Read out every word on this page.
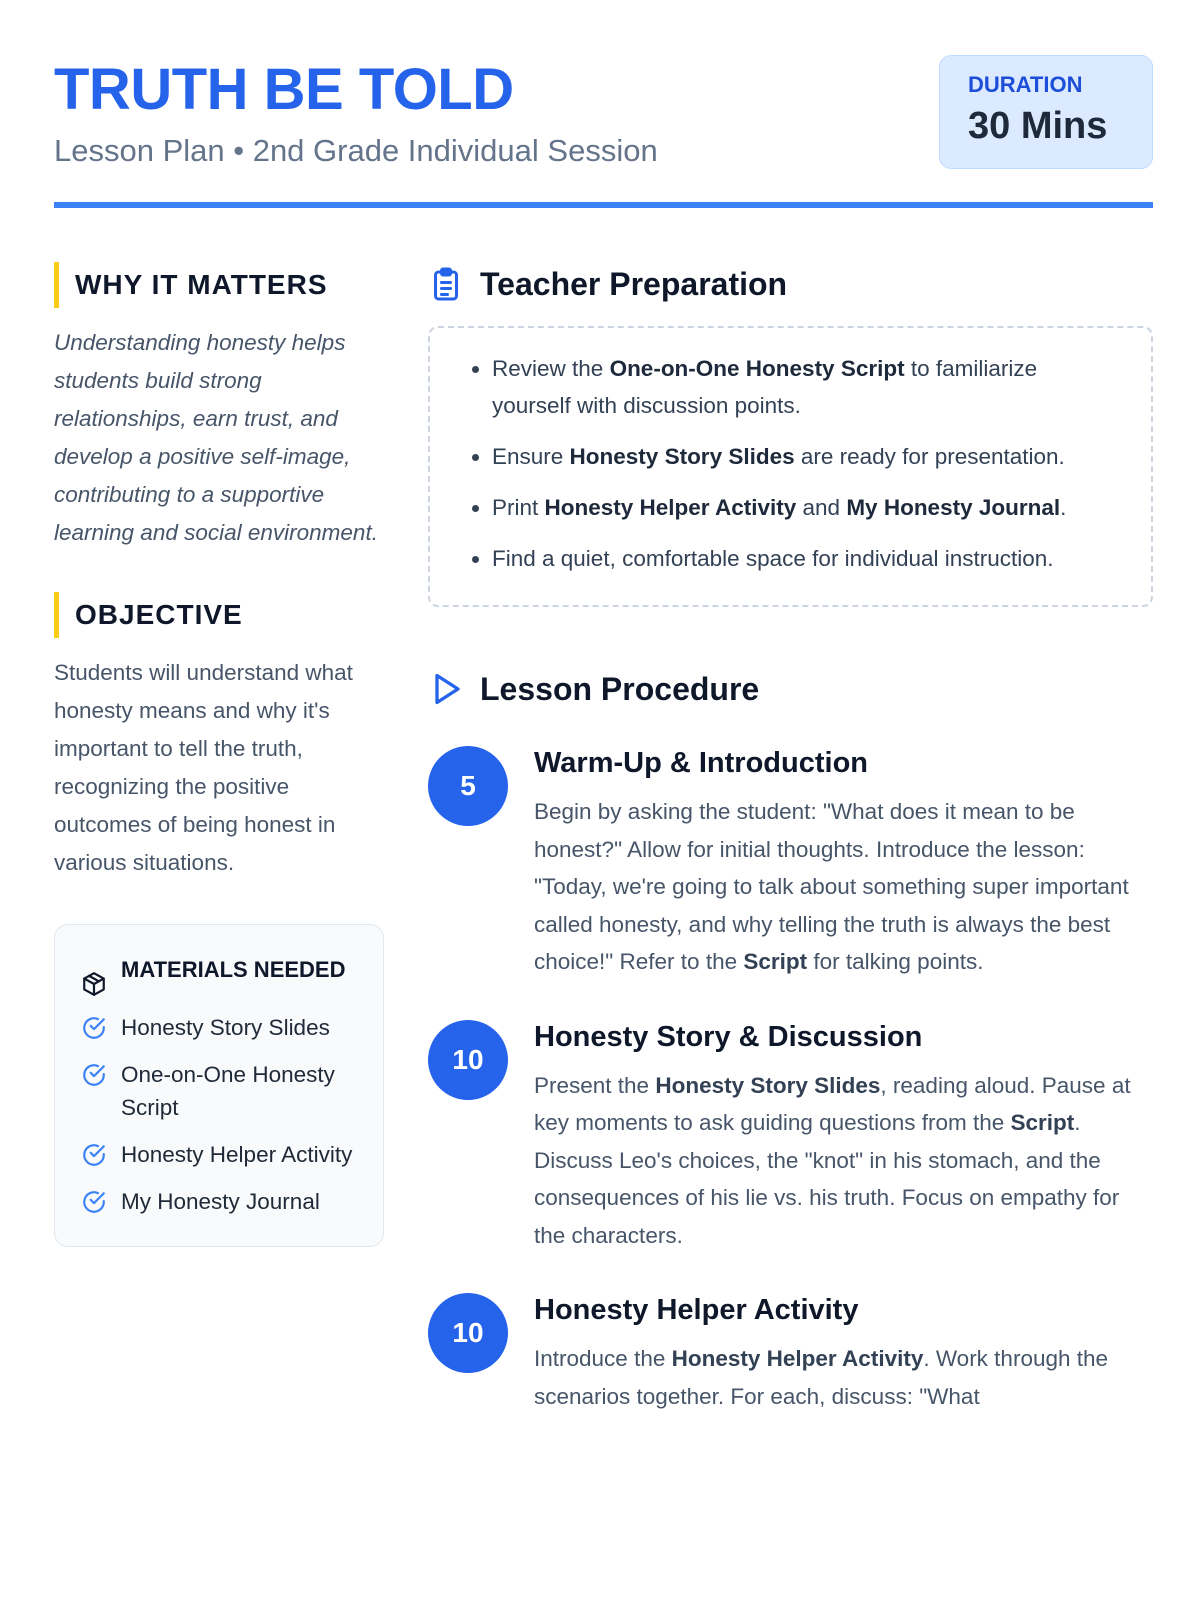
TRUTH BE TOLD
Lesson Plan • 2nd Grade Individual Session
DURATION
30 Mins
WHY IT MATTERS

Understanding honesty helps students build strong relationships, earn trust, and develop a positive self-image, contributing to a supportive learning and social environment.

OBJECTIVE

Students will understand what honesty means and why it's important to tell the truth, recognizing the positive outcomes of being honest in various situations.

MATERIALS NEEDED
Honesty Story Slides
One-on-One Honesty Script
Honesty Helper Activity
My Honesty Journal
Teacher Preparation
• Review the One-on-One Honesty Script to familiarize yourself with discussion points.
• Ensure Honesty Story Slides are ready for presentation.
• Print Honesty Helper Activity and My Honesty Journal.
• Find a quiet, comfortable space for individual instruction.
Lesson Procedure
5
Warm-Up & Introduction

Begin by asking the student: "What does it mean to be honest?" Allow for initial thoughts. Introduce the lesson: "Today, we're going to talk about something super important called honesty, and why telling the truth is always the best choice!" Refer to the Script for talking points.

10
Honesty Story & Discussion

Present the Honesty Story Slides, reading aloud. Pause at key moments to ask guiding questions from the Script. Discuss Leo's choices, the "knot" in his stomach, and the consequences of his lie vs. his truth. Focus on empathy for the characters.

10
Honesty Helper Activity

Introduce the Honesty Helper Activity. Work through the scenarios together. For each, discuss: "What
